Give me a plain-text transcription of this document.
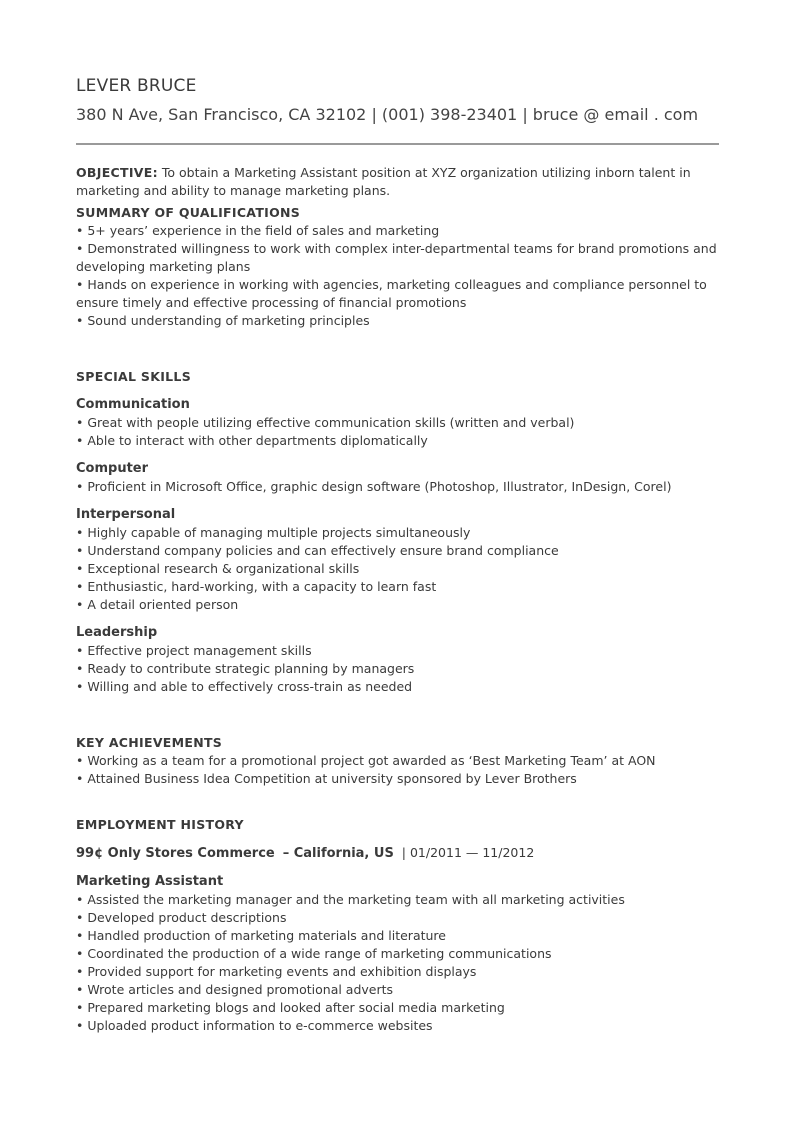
LEVER BRUCE
380 N Ave, San Francisco, CA 32102 | (001) 398-23401 | bruce @ email . com
OBJECTIVE: To obtain a Marketing Assistant position at XYZ organization utilizing inborn talent in marketing and ability to manage marketing plans.
SUMMARY OF QUALIFICATIONS
• 5+ years’ experience in the field of sales and marketing
• Demonstrated willingness to work with complex inter-departmental teams for brand promotions and developing marketing plans
• Hands on experience in working with agencies, marketing colleagues and compliance personnel to ensure timely and effective processing of financial promotions
• Sound understanding of marketing principles
SPECIAL SKILLS
Communication
• Great with people utilizing effective communication skills (written and verbal)
• Able to interact with other departments diplomatically
Computer
• Proficient in Microsoft Office, graphic design software (Photoshop, Illustrator, InDesign, Corel)
Interpersonal
• Highly capable of managing multiple projects simultaneously
• Understand company policies and can effectively ensure brand compliance
• Exceptional research & organizational skills
• Enthusiastic, hard-working, with a capacity to learn fast
• A detail oriented person
Leadership
• Effective project management skills
• Ready to contribute strategic planning by managers
• Willing and able to effectively cross-train as needed
KEY ACHIEVEMENTS
• Working as a team for a promotional project got awarded as ‘Best Marketing Team’ at AON
• Attained Business Idea Competition at university sponsored by Lever Brothers
EMPLOYMENT HISTORY
99¢ Only Stores Commerce – California, US | 01/2011 — 11/2012
Marketing Assistant
• Assisted the marketing manager and the marketing team with all marketing activities
• Developed product descriptions
• Handled production of marketing materials and literature
• Coordinated the production of a wide range of marketing communications
• Provided support for marketing events and exhibition displays
• Wrote articles and designed promotional adverts
• Prepared marketing blogs and looked after social media marketing
• Uploaded product information to e-commerce websites
